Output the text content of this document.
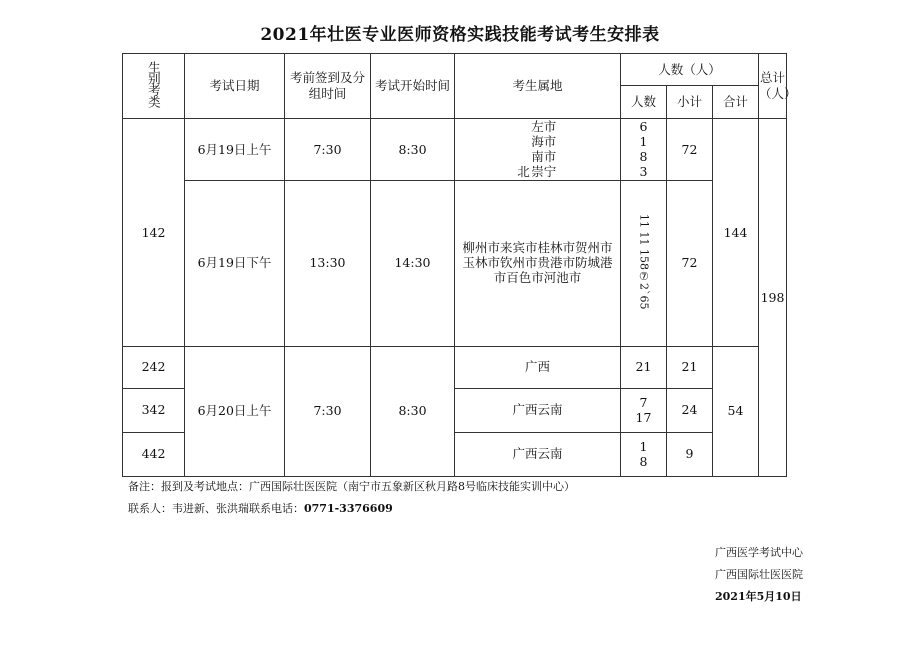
2021年壮医专业医师资格实践技能考试考生安排表
生别考类	考试日期	考前签到及分组时间	考试开始时间	考生属地	人数（人）			总计（人）
					人数	小计	合计	
142	6月19日上午	7:30	8:30	北左市 海市 南市 崇宁	61 8 3	72	144	198
	6月19日下午	13:30	14:30	柳州市来宾市桂林市贺州市玉林市钦州市贵港市防城港市百色市河池市	11 11 158⑦2`65	72		
242	6月20日上午	7:30	8:30	广西	21	21	54	
342				广西云南	7 17	24		
442				广西云南	1 8	9		
备注：报到及考试地点：广西国际壮医医院（南宁市五象新区秋月路8号临床技能实训中心）
联系人：韦进新、张洪瑞联系电话：0771-3376609
广西医学考试中心
广西国际壮医医院
2021年5月10日
